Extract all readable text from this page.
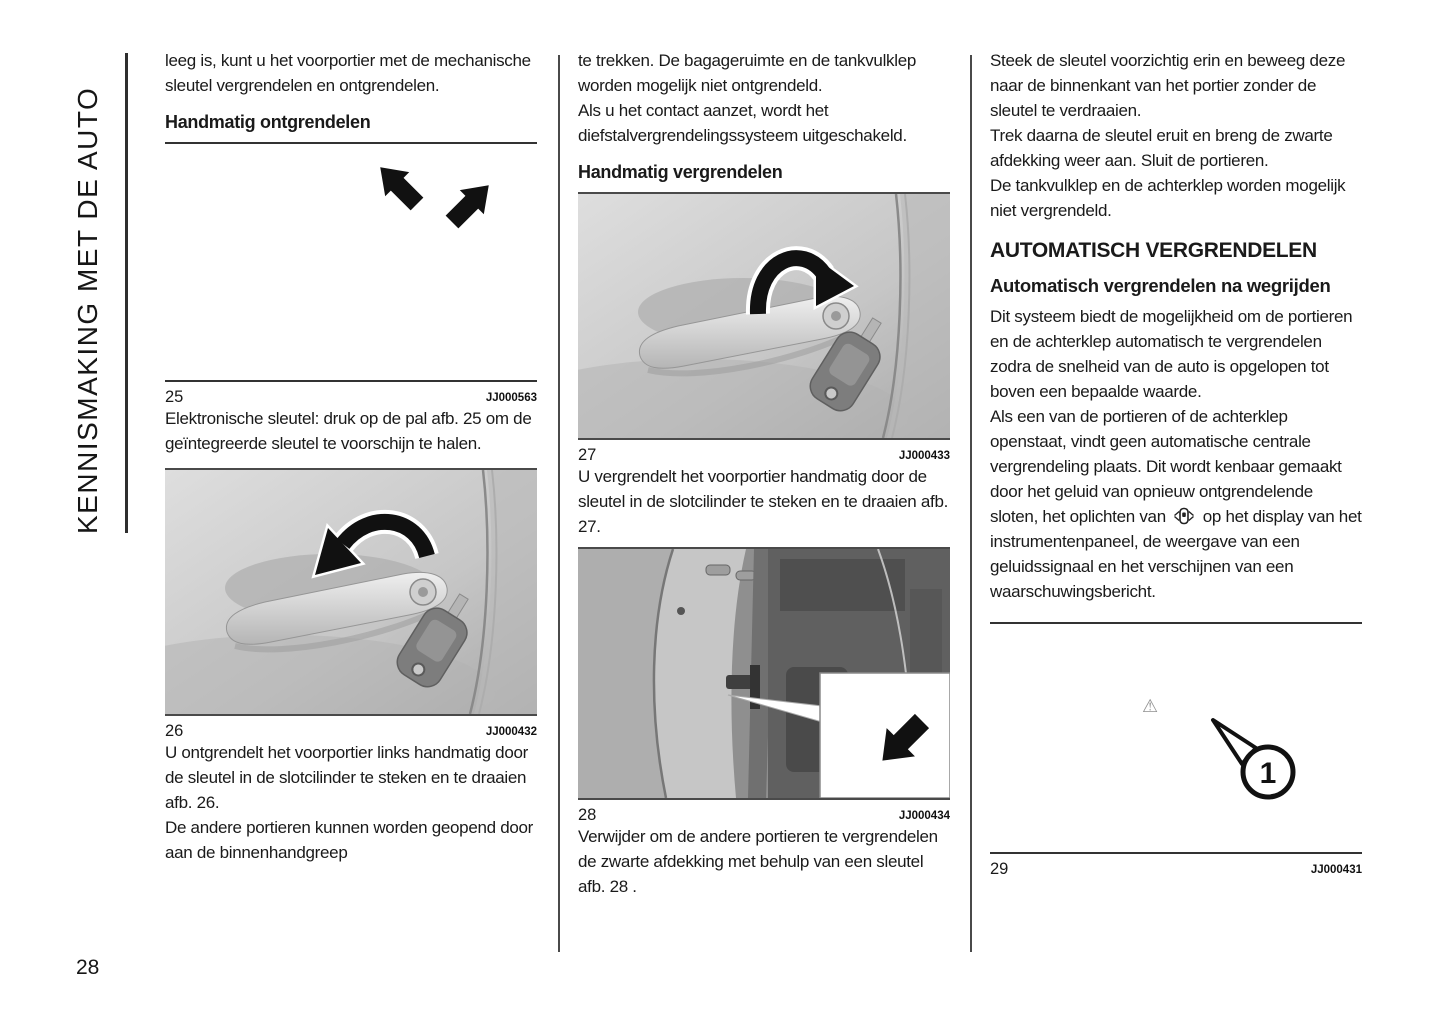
KENNISMAKING MET DE AUTO
28

leeg is, kunt u het voorportier met de mechanische sleutel vergrendelen en ontgrendelen.

Handmatig ontgrendelen
25	JJ000563

Elektronische sleutel: druk op de pal afb. 25 om de geïntegreerde sleutel te voorschijn te halen.

26	JJ000432

U ontgrendelt het voorportier links handmatig door de sleutel in de slotcilinder te steken en te draaien afb. 26.

De andere portieren kunnen worden geopend door aan de binnenhandgreep

te trekken. De bagageruimte en de tankvulklep worden mogelijk niet ontgrendeld.

Als u het contact aanzet, wordt het diefstalvergrendelingssysteem uitgeschakeld.

Handmatig vergrendelen
27	JJ000433

U vergrendelt het voorportier handmatig door de sleutel in de slotcilinder te steken en te draaien afb. 27.

28	JJ000434

Verwijder om de andere portieren te vergrendelen de zwarte afdekking met behulp van een sleutel afb. 28 .

Steek de sleutel voorzichtig erin en beweeg deze naar de binnenkant van het portier zonder de sleutel te verdraaien.

Trek daarna de sleutel eruit en breng de zwarte afdekking weer aan. Sluit de portieren.

De tankvulklep en de achterklep worden mogelijk niet vergrendeld.

AUTOMATISCH VERGRENDELEN
Automatisch vergrendelen na wegrijden

Dit systeem biedt de mogelijkheid om de portieren en de achterklep automatisch te vergrendelen zodra de snelheid van de auto is opgelopen tot boven een bepaalde waarde.

Als een van de portieren of de achterklep openstaat, vindt geen automatische centrale vergrendeling plaats. Dit wordt kenbaar gemaakt door het geluid van opnieuw ontgrendelende sloten, het oplichten van op het display van het instrumentenpaneel, de weergave van een geluidssignaal en het verschijnen van een waarschuwingsbericht.

⚠
1
29	JJ000431
